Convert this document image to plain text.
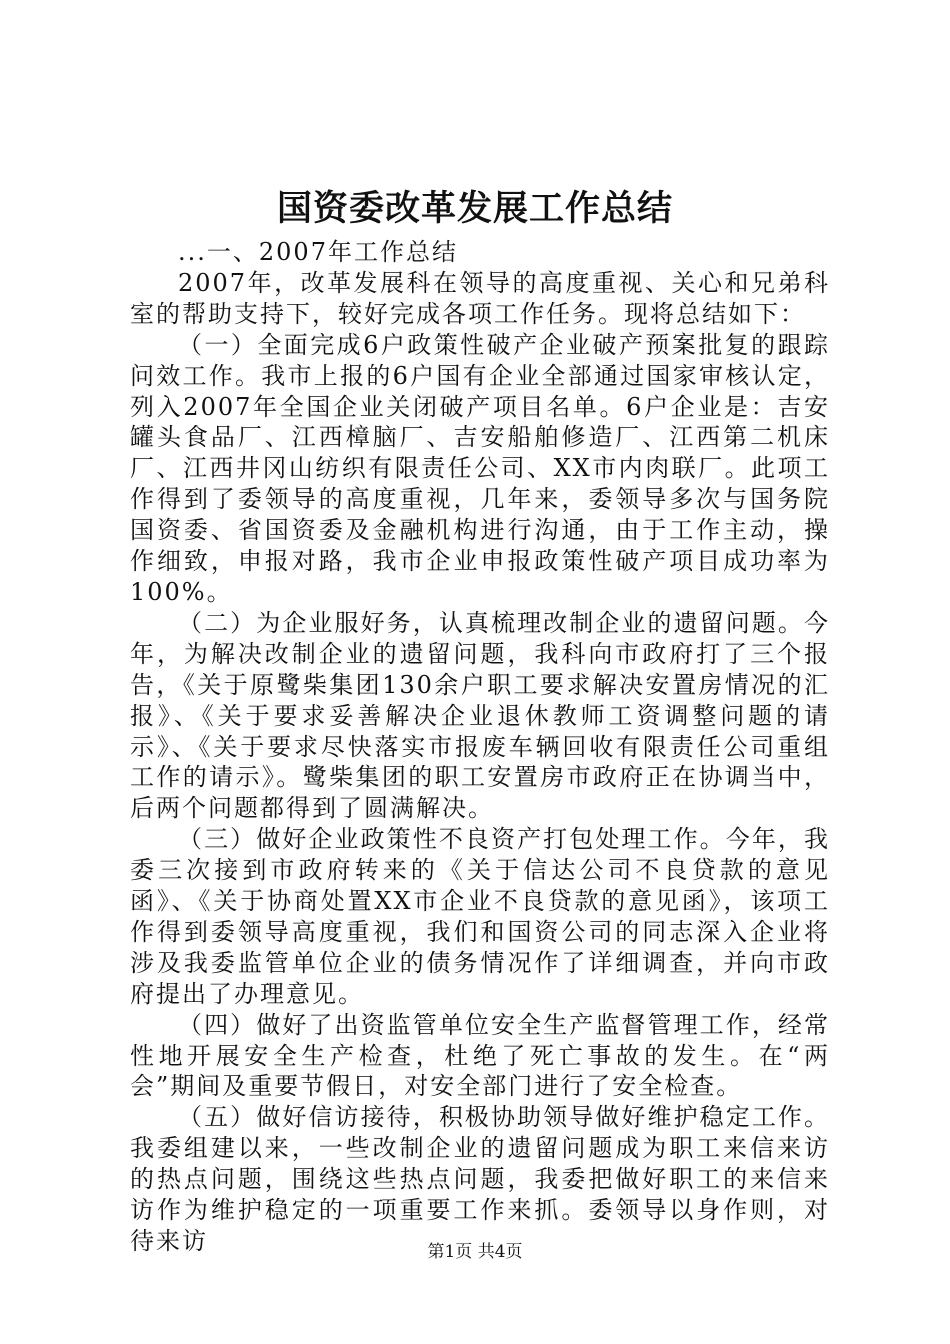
国资委改革发展工作总结

...一、2007年工作总结

2007年，改革发展科在领导的高度重视、关心和兄弟科室的帮助支持下，较好完成各项工作任务。现将总结如下：

（一）全面完成6户政策性破产企业破产预案批复的跟踪问效工作。我市上报的6户国有企业全部通过国家审核认定，列入2007年全国企业关闭破产项目名单。6户企业是：吉安罐头食品厂、江西樟脑厂、吉安船舶修造厂、江西第二机床厂、江西井冈山纺织有限责任公司、XX市内肉联厂。此项工作得到了委领导的高度重视，几年来，委领导多次与国务院国资委、省国资委及金融机构进行沟通，由于工作主动，操作细致，申报对路，我市企业申报政策性破产项目成功率为100%。

（二）为企业服好务，认真梳理改制企业的遗留问题。今年，为解决改制企业的遗留问题，我科向市政府打了三个报告，《关于原鹭柴集团130余户职工要求解决安置房情况的汇报》、《关于要求妥善解决企业退休教师工资调整问题的请示》、《关于要求尽快落实市报废车辆回收有限责任公司重组工作的请示》。鹭柴集团的职工安置房市政府正在协调当中，后两个问题都得到了圆满解决。

（三）做好企业政策性不良资产打包处理工作。今年，我委三次接到市政府转来的《关于信达公司不良贷款的意见函》、《关于协商处置XX市企业不良贷款的意见函》，该项工作得到委领导高度重视，我们和国资公司的同志深入企业将涉及我委监管单位企业的债务情况作了详细调查，并向市政府提出了办理意见。

（四）做好了出资监管单位安全生产监督管理工作，经常性地开展安全生产检查，杜绝了死亡事故的发生。在“两会”期间及重要节假日，对安全部门进行了安全检查。

（五）做好信访接待，积极协助领导做好维护稳定工作。我委组建以来，一些改制企业的遗留问题成为职工来信来访的热点问题，围绕这些热点问题，我委把做好职工的来信来访作为维护稳定的一项重要工作来抓。委领导以身作则，对待来访	第1页 共4页
